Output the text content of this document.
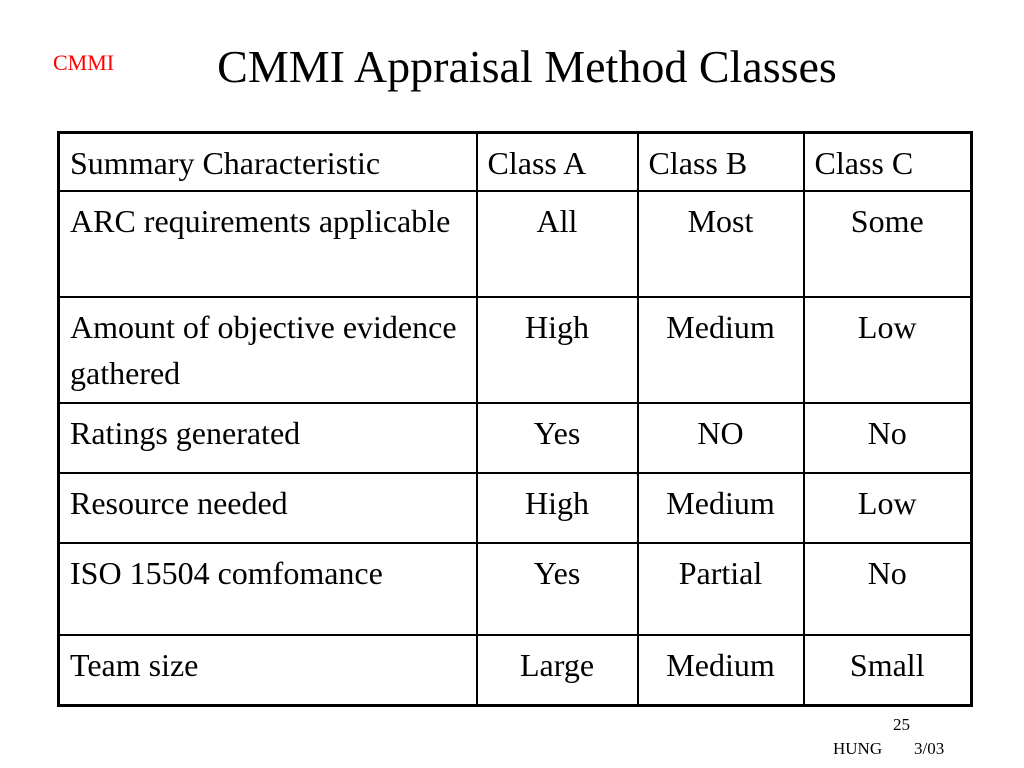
CMMI	CMMI Appraisal Method Classes
Summary Characteristic	Class A	Class B	Class C
ARC requirements applicable	All	Most	Some
Amount of objective evidence gathered	High	Medium	Low
Ratings generated	Yes	NO	No
Resource needed	High	Medium	Low
ISO 15504 comfomance	Yes	Partial	No
Team size	Large	Medium	Small
25
HUNG 3/03
